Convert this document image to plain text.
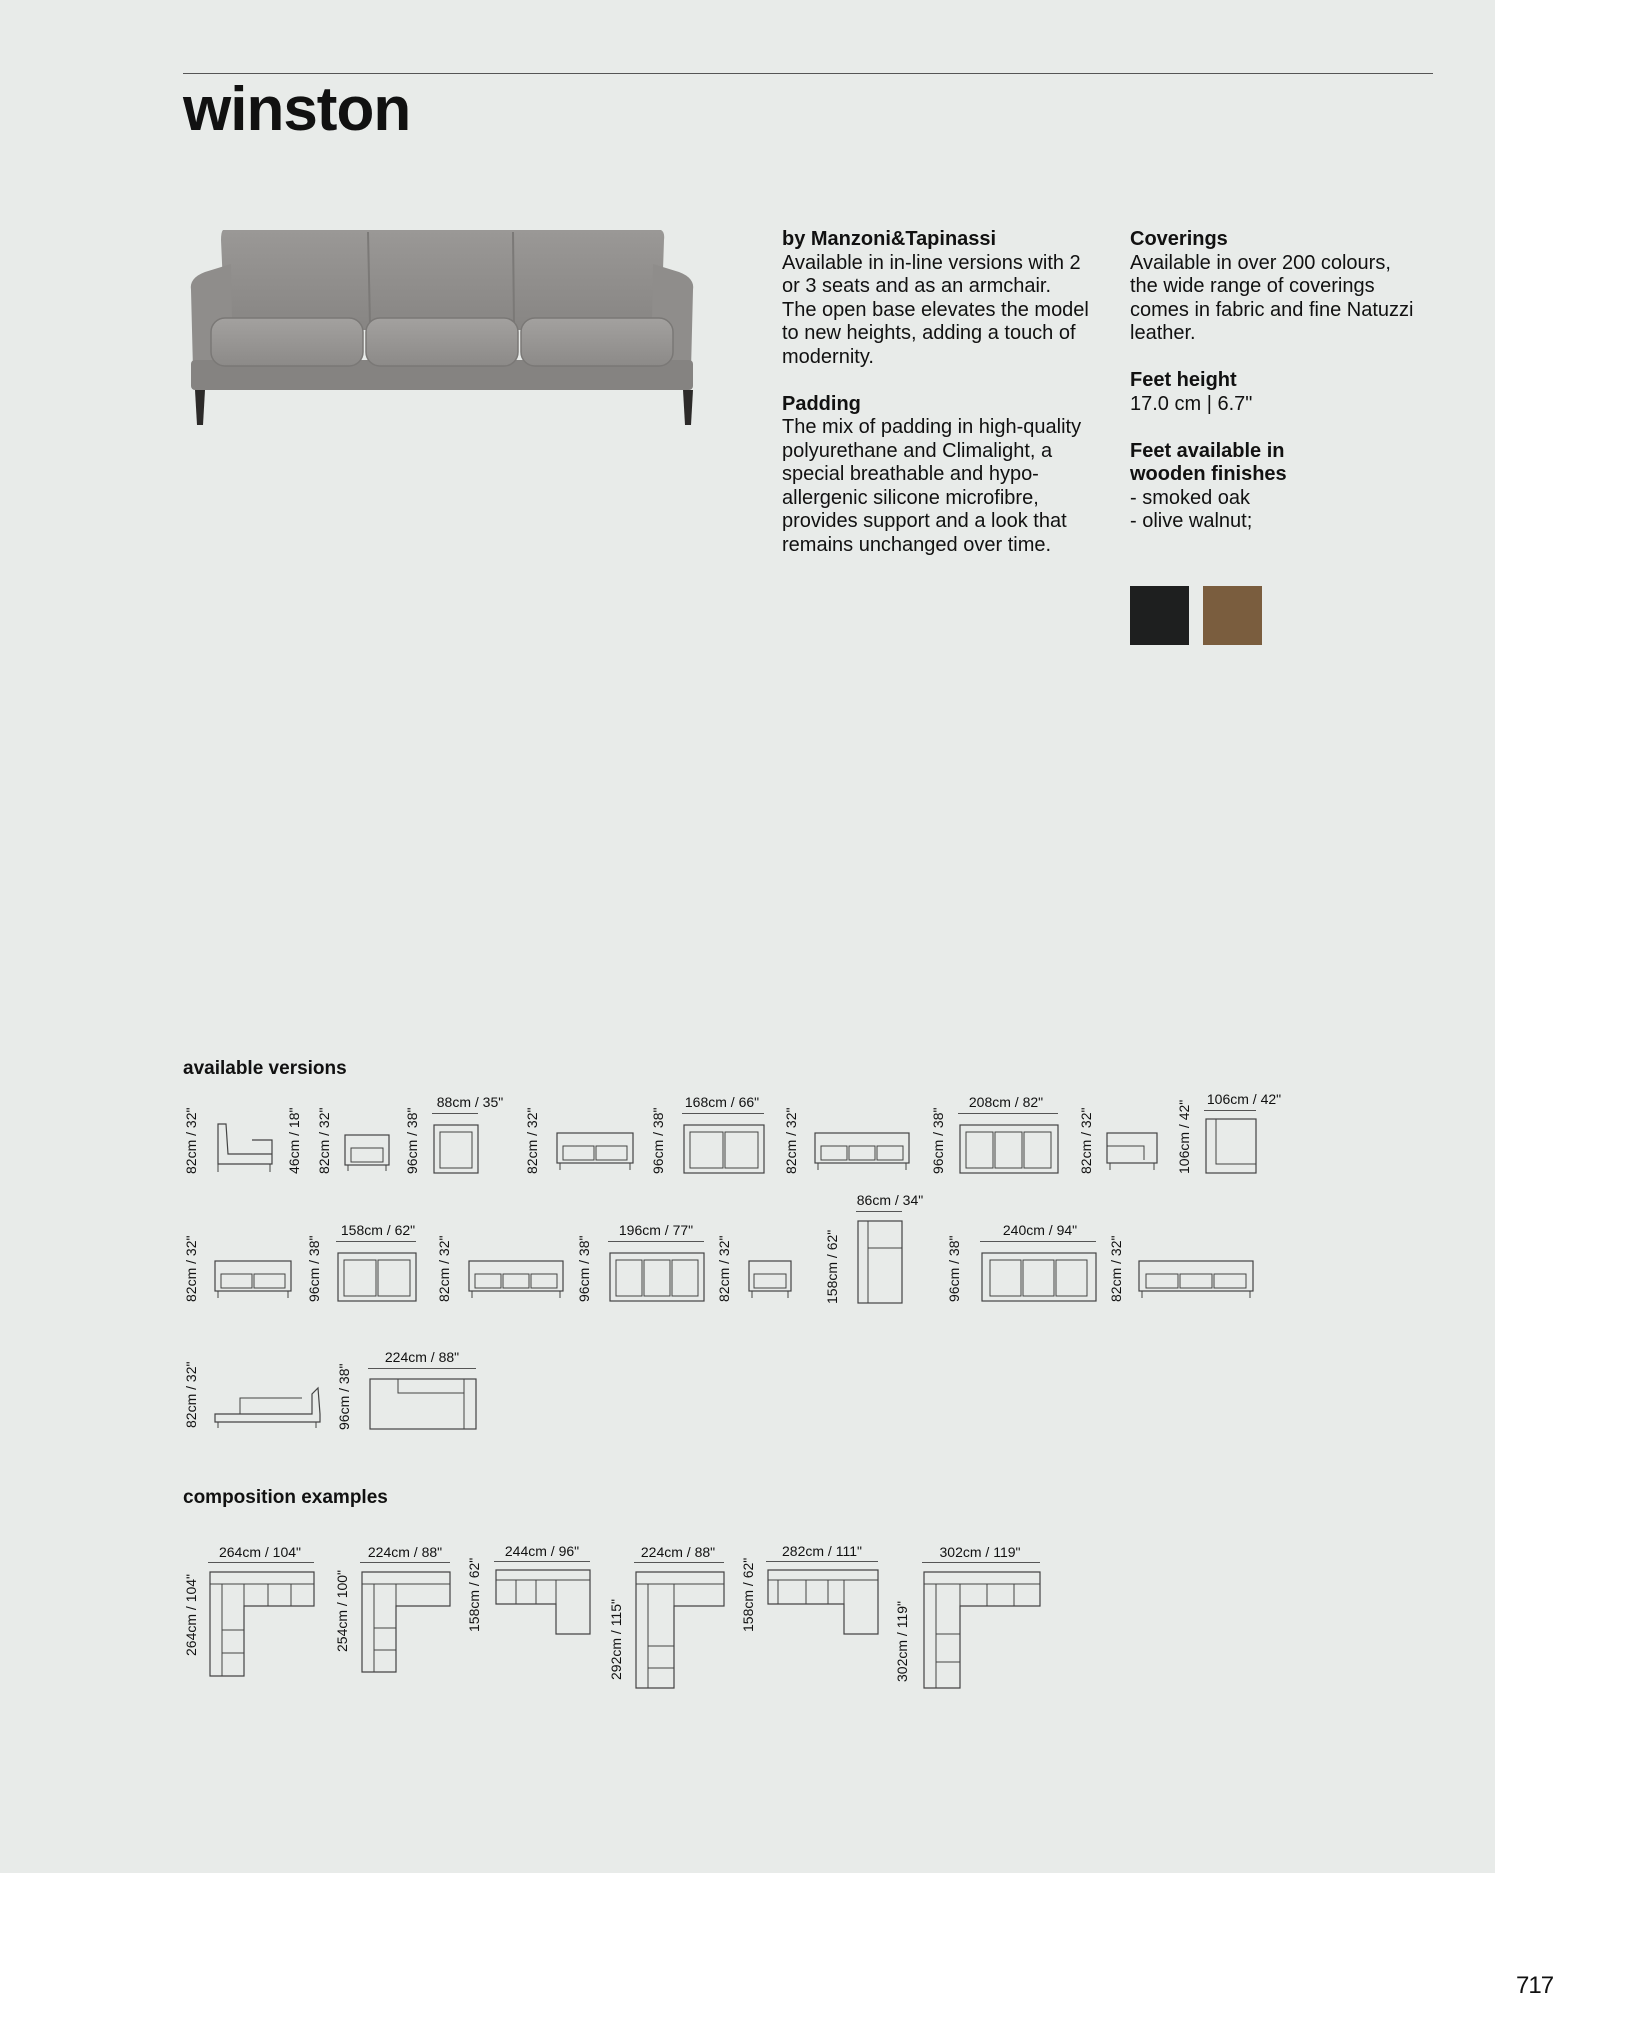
winston
by Manzoni&Tapinassi
Available in in-line versions with 2
or 3 seats and as an armchair.
The open base elevates the model
to new heights, adding a touch of
modernity.
Padding
The mix of padding in high-quality
polyurethane and Climalight, a
special breathable and hypo-
allergenic silicone microfibre,
provides support and a look that
remains unchanged over time.
Coverings
Available in over 200 colours,
the wide range of coverings
comes in fabric and fine Natuzzi
leather.
Feet height
17.0 cm | 6.7"
Feet available in
wooden finishes
- smoked oak
- olive walnut;
available versions
composition examples
82cm / 32"	46cm / 18" 82cm / 32"	96cm / 38"
88cm / 35"
82cm / 32"	96cm / 38"
168cm / 66"
82cm / 32"	96cm / 38"
208cm / 82"
82cm / 32"	106cm / 42"
106cm / 42"
82cm / 32"	96cm / 38"
158cm / 62"
82cm / 32"	96cm / 38"
196cm / 77"
82cm / 32"	158cm / 62"
86cm / 34"
96cm / 38"
240cm / 94"
82cm / 32"
82cm / 32"	96cm / 38"
224cm / 88"
264cm / 104"
264cm / 104"
224cm / 88"
254cm / 100"
244cm / 96"
158cm / 62"
224cm / 88"
292cm / 115"
282cm / 111"
158cm / 62"
302cm / 119"
302cm / 119"
717
